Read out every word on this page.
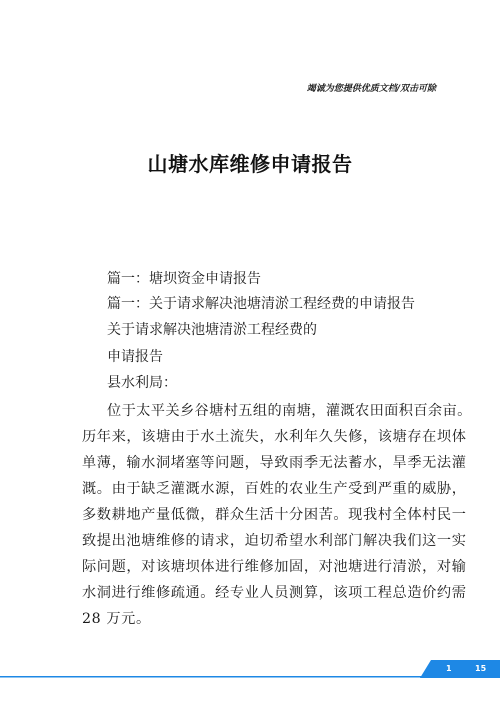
竭诚为您提供优质文档/双击可除
山塘水库维修申请报告
篇一：塘坝资金申请报告
篇一：关于请求解决池塘清淤工程经费的申请报告
关于请求解决池塘清淤工程经费的
申请报告
县水利局：
位于太平关乡谷塘村五组的南塘，灌溉农田面积百余亩。
历年来，该塘由于水土流失，水利年久失修，该塘存在坝体
单薄，输水洞堵塞等问题，导致雨季无法蓄水，旱季无法灌
溉。由于缺乏灌溉水源，百姓的农业生产受到严重的威胁，
多数耕地产量低微，群众生活十分困苦。现我村全体村民一
致提出池塘维修的请求，迫切希望水利部门解决我们这一实
际问题，对该塘坝体进行维修加固，对池塘进行清淤，对输
水洞进行维修疏通。经专业人员测算，该项工程总造价约需
28 万元。
1	15
